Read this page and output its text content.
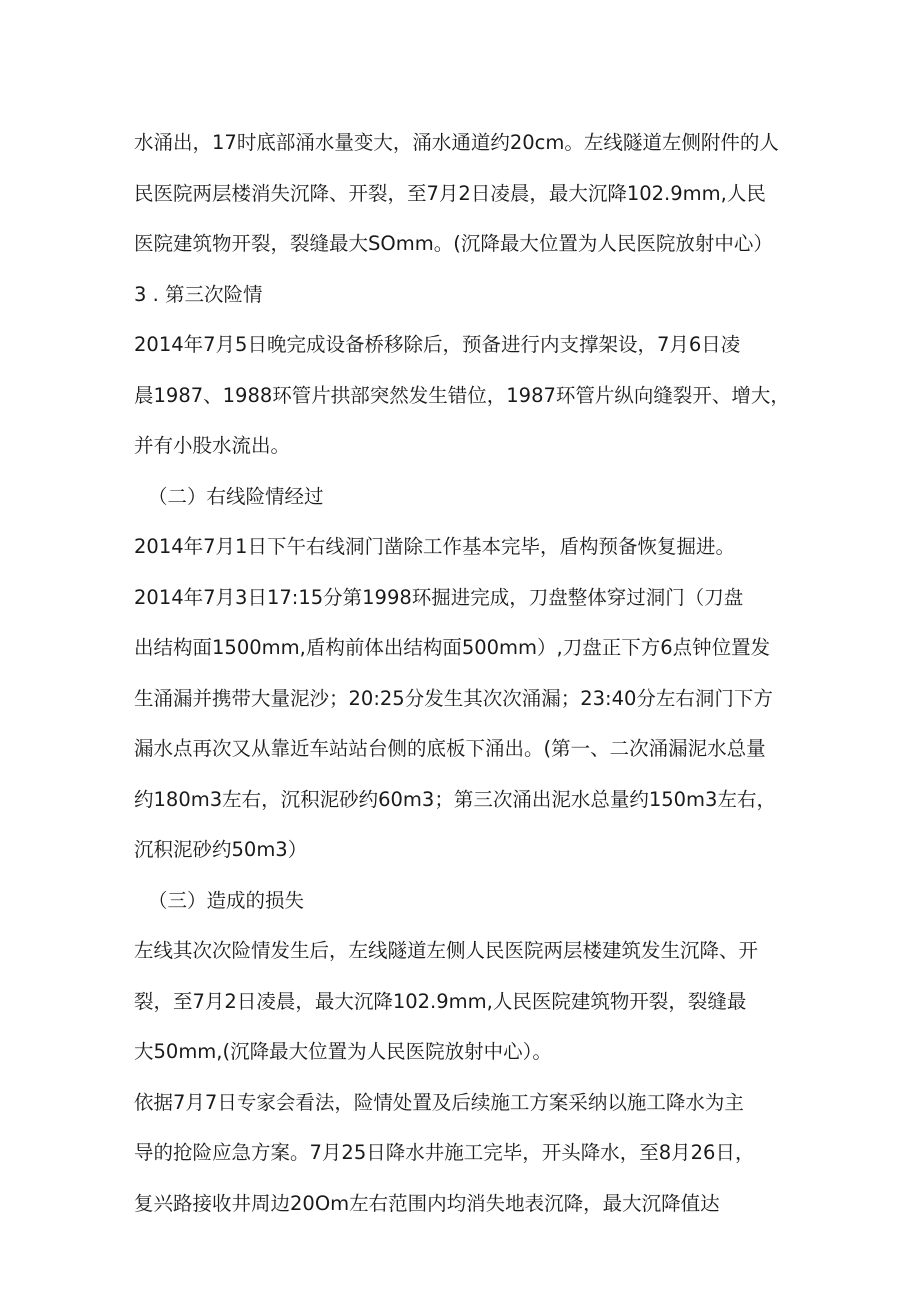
水涌出，17时底部涌水量变大，涌水通道约20cm。左线隧道左侧附件的人
民医院两层楼消失沉降、开裂，至7月2日凌晨，最大沉降102.9mm,人民
医院建筑物开裂，裂缝最大SOmm。(沉降最大位置为人民医院放射中心）
3 . 第三次险情
2014年7月5日晚完成设备桥移除后，预备进行内支撑架设，7月6日凌
晨1987、1988环管片拱部突然发生错位，1987环管片纵向缝裂开、增大，
并有小股水流出。
（二）右线险情经过
2014年7月1日下午右线洞门凿除工作基本完毕，盾构预备恢复掘进。
2014年7月3日17:15分第1998环掘进完成，刀盘整体穿过洞门（刀盘
出结构面1500mm,盾构前体出结构面500mm）,刀盘正下方6点钟位置发
生涌漏并携带大量泥沙；20:25分发生其次次涌漏；23:40分左右洞门下方
漏水点再次又从靠近车站站台侧的底板下涌出。(第一、二次涌漏泥水总量
约180m3左右，沉积泥砂约60m3；第三次涌出泥水总量约150m3左右，
沉积泥砂约50m3）
（三）造成的损失
左线其次次险情发生后，左线隧道左侧人民医院两层楼建筑发生沉降、开
裂，至7月2日凌晨，最大沉降102.9mm,人民医院建筑物开裂，裂缝最
大50mm,(沉降最大位置为人民医院放射中心）。
依据7月7日专家会看法，险情处置及后续施工方案采纳以施工降水为主
导的抢险应急方案。7月25日降水井施工完毕，开头降水，至8月26日，
复兴路接收井周边20Om左右范围内均消失地表沉降，最大沉降值达
